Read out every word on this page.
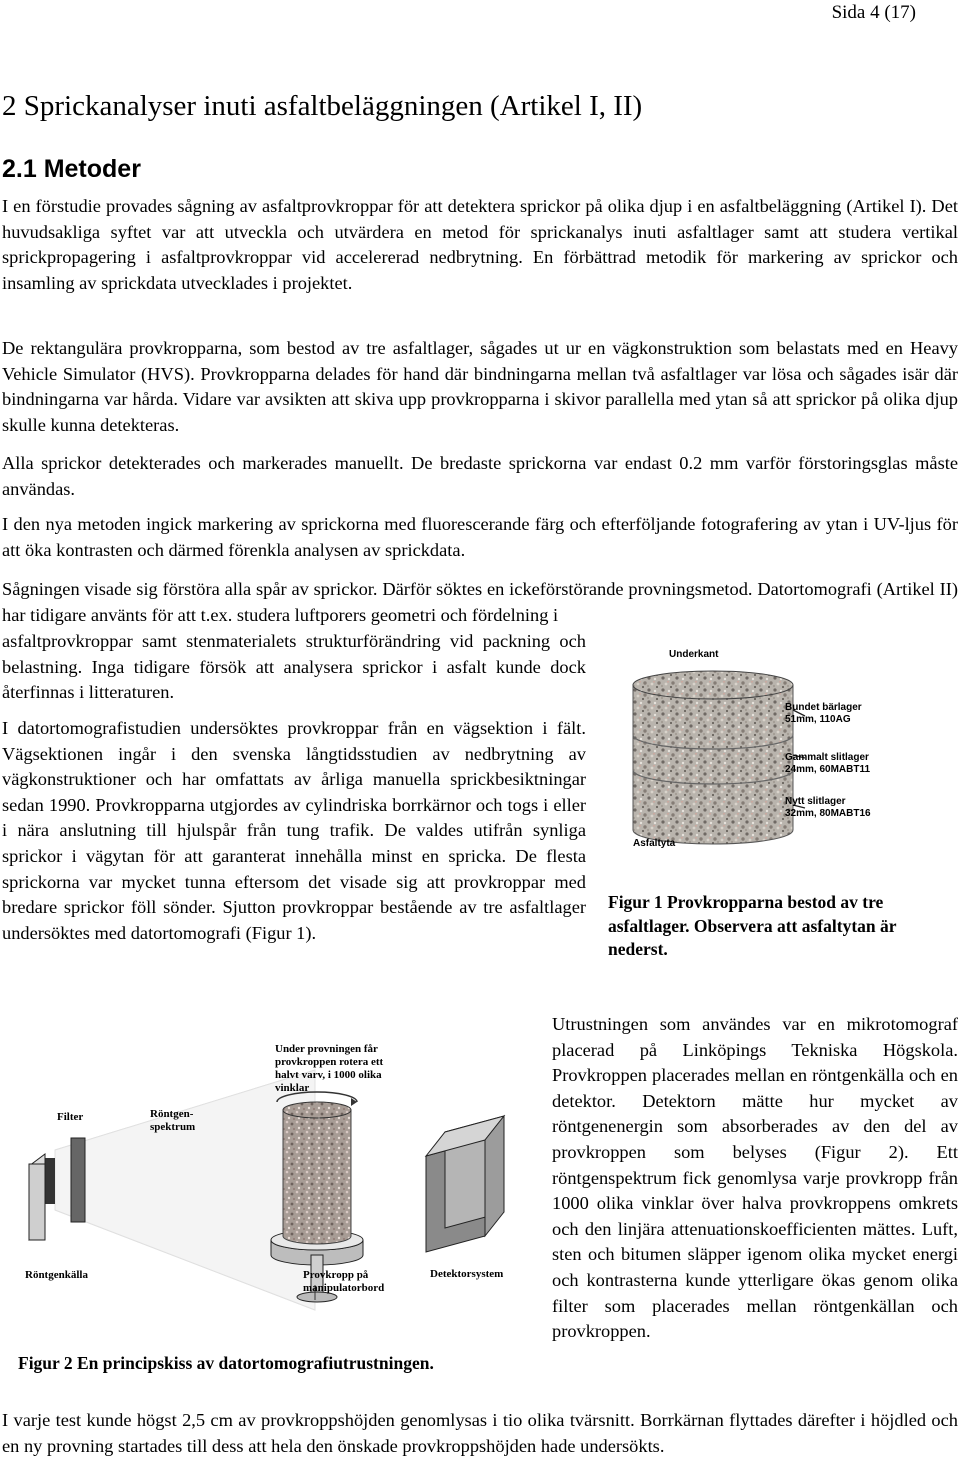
Sida 4 (17)
2 Sprickanalyser inuti asfaltbeläggningen (Artikel I, II)
2.1 Metoder

I en förstudie provades sågning av asfaltprovkroppar för att detektera sprickor på olika djup i en asfaltbeläggning (Artikel I). Det huvudsakliga syftet var att utveckla och utvärdera en metod för sprickanalys inuti asfaltlager samt att studera vertikal sprickpropagering i asfaltprovkroppar vid accelererad nedbrytning. En förbättrad metodik för markering av sprickor och insamling av sprickdata utvecklades i projektet.

De rektangulära provkropparna, som bestod av tre asfaltlager, sågades ut ur en vägkonstruktion som belastats med en Heavy Vehicle Simulator (HVS). Provkropparna delades för hand där bindningarna mellan två asfaltlager var lösa och sågades isär där bindningarna var hårda. Vidare var avsikten att skiva upp provkropparna i skivor parallella med ytan så att sprickor på olika djup skulle kunna detekteras.

Alla sprickor detekterades och markerades manuellt. De bredaste sprickorna var endast 0.2 mm varför förstoringsglas måste användas.

I den nya metoden ingick markering av sprickorna med fluorescerande färg och efterföljande fotografering av ytan i UV-ljus för att öka kontrasten och därmed förenkla analysen av sprickdata.

Sågningen visade sig förstöra alla spår av sprickor. Därför söktes en ickeförstörande provningsmetod. Datortomografi (Artikel II) har tidigare använts för att t.ex. studera luftporers geometri och fördelning i

asfaltprovkroppar samt stenmaterialets strukturförändring vid packning och belastning. Inga tidigare försök att analysera sprickor i asfalt kunde dock återfinnas i litteraturen.

I datortomografistudien undersöktes provkroppar från en vägsektion i fält. Vägsektionen ingår i den svenska långtidsstudien av nedbrytning av vägkonstruktioner och har omfattats av årliga manuella sprickbesiktningar sedan 1990. Provkropparna utgjordes av cylindriska borrkärnor och togs i eller i nära anslutning till hjulspår från tung trafik. De valdes utifrån synliga sprickor i vägytan för att garanterat innehålla minst en spricka. De flesta sprickorna var mycket tunna eftersom det visade sig att provkroppar med bredare sprickor föll sönder. Sjutton provkroppar bestående av tre asfaltlager undersöktes med datortomografi (Figur 1).

Underkant
Asfaltyta
Bundet bärlager
51mm, 110AG
Gammalt slitlager
24mm, 60MABT11
Nytt slitlager
32mm, 80MABT16

Figur 1 Provkropparna bestod av tre asfaltlager. Observera att asfaltytan är nederst.

Under provningen får provkroppen rotera ett halvt varv, i 1000 olika vinklar
Filter	Röntgen-spektrum
Röntgenkälla	Provkropp på manipulatorbord
Detektorsystem

Figur 2 En principskiss av datortomografiutrustningen.

Utrustningen som användes var en mikrotomograf placerad på Linköpings Tekniska Högskola. Provkroppen placerades mellan en röntgenkälla och en detektor. Detektorn mätte hur mycket av röntgenenergin som absorberades av den del av provkroppen som belyses (Figur 2). Ett röntgenspektrum fick genomlysa varje provkropp från 1000 olika vinklar över halva provkroppens omkrets och den linjära attenuationskoefficienten mättes. Luft, sten och bitumen släpper igenom olika mycket energi och kontrasterna kunde ytterligare ökas genom olika filter som placerades mellan röntgenkällan och provkroppen.

I varje test kunde högst 2,5 cm av provkroppshöjden genomlysas i tio olika tvärsnitt. Borrkärnan flyttades därefter i höjdled och en ny provning startades till dess att hela den önskade provkroppshöjden hade undersökts.
